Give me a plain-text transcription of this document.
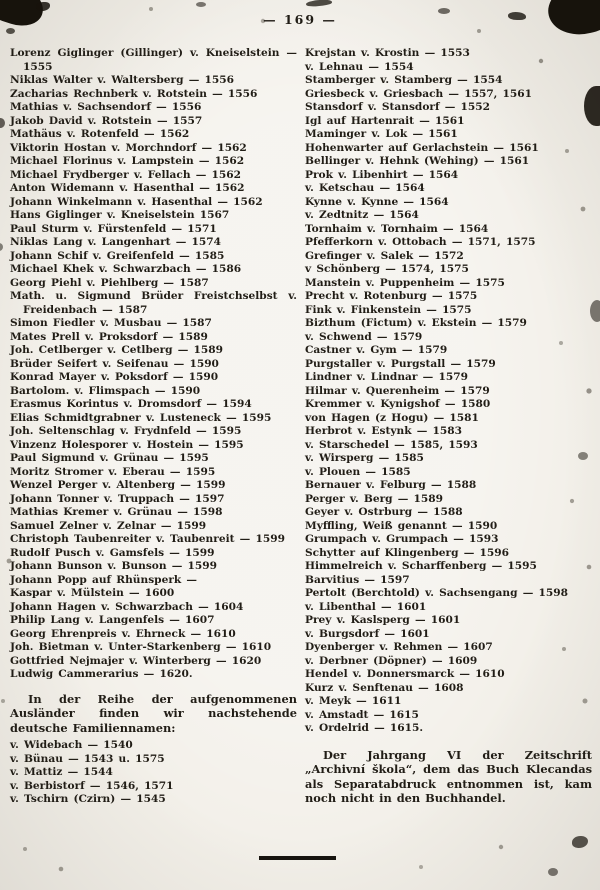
— 169 —
Lorenz Giglinger (Gillinger) v. Kneiselstein — 1555
Niklas Walter v. Waltersberg — 1556
Zacharias Rechnberk v. Rotstein — 1556
Mathias v. Sachsendorf — 1556
Jakob David v. Rotstein — 1557
Mathäus v. Rotenfeld — 1562
Viktorin Hostan v. Morchndorf — 1562
Michael Florinus v. Lampstein — 1562
Michael Frydberger v. Fellach — 1562
Anton Widemann v. Hasenthal — 1562
Johann Winkelmann v. Hasenthal — 1562
Hans Giglinger v. Kneiselstein 1567
Paul Sturm v. Fürstenfeld — 1571
Niklas Lang v. Langenhart — 1574
Johann Schif v. Greifenfeld — 1585
Michael Khek v. Schwarzbach — 1586
Georg Piehl v. Piehlberg — 1587
Math. u. Sigmund Brüder Freistchselbst v. Freidenbach — 1587
Simon Fiedler v. Musbau — 1587
Mates Prell v. Proksdorf — 1589
Joh. Cetlberger v. Cetlberg — 1589
Brüder Seifert v. Seifenau — 1590
Konrad Mayer v. Poksdorf — 1590
Bartolom. v. Flimspach — 1590
Erasmus Korintus v. Dromsdorf — 1594
Elias Schmidtgrabner v. Lusteneck — 1595
Joh. Seltenschlag v. Frydnfeld — 1595
Vinzenz Holesporer v. Hostein — 1595
Paul Sigmund v. Grünau — 1595
Moritz Stromer v. Eberau — 1595
Wenzel Perger v. Altenberg — 1599
Johann Tonner v. Truppach — 1597
Mathias Kremer v. Grünau — 1598
Samuel Zelner v. Zelnar — 1599
Christoph Taubenreiter v. Taubenreit — 1599
Rudolf Pusch v. Gamsfels — 1599
Johann Bunson v. Bunson — 1599
Johann Popp auf Rhünsperk —
Kaspar v. Mülstein — 1600
Johann Hagen v. Schwarzbach — 1604
Philip Lang v. Langenfels — 1607
Georg Ehrenpreis v. Ehrneck — 1610
Joh. Bietman v. Unter-Starkenberg — 1610
Gottfried Nejmajer v. Winterberg — 1620
Ludwig Cammerarius — 1620.

In der Reihe der aufgenommenen Ausländer finden wir nachstehende deutsche Familiennamen:

v. Widebach — 1540
v. Bünau — 1543 u. 1575
v. Mattiz — 1544
v. Berbistorf — 1546, 1571
v. Tschirn (Czirn) — 1545
Krejstan v. Krostin — 1553
v. Lehnau — 1554
Stamberger v. Stamberg — 1554
Griesbeck v. Griesbach — 1557, 1561
Stansdorf v. Stansdorf — 1552
Igl auf Hartenrait — 1561
Maminger v. Lok — 1561
Hohenwarter auf Gerlachstein — 1561
Bellinger v. Hehnk (Wehing) — 1561
Prok v. Libenhirt — 1564
v. Ketschau — 1564
Kynne v. Kynne — 1564
v. Zedtnitz — 1564
Tornhaim v. Tornhaim — 1564
Pfefferkorn v. Ottobach — 1571, 1575
Grefinger v. Salek — 1572
v Schönberg — 1574, 1575
Manstein v. Puppenheim — 1575
Precht v. Rotenburg — 1575
Fink v. Finkenstein — 1575
Bizthum (Fictum) v. Ekstein — 1579
v. Schwend — 1579
Castner v. Gym — 1579
Purgstaller v. Purgstall — 1579
Lindner v. Lindnar — 1579
Hilmar v. Querenheim — 1579
Kremmer v. Kynigshof — 1580
von Hagen (z Hogu) — 1581
Herbrot v. Estynk — 1583
v. Starschedel — 1585, 1593
v. Wirsperg — 1585
v. Plouen — 1585
Bernauer v. Felburg — 1588
Perger v. Berg — 1589
Geyer v. Ostrburg — 1588
Myffling, Weiß genannt — 1590
Grumpach v. Grumpach — 1593
Schytter auf Klingenberg — 1596
Himmelreich v. Scharffenberg — 1595
Barvitius — 1597
Pertolt (Berchtold) v. Sachsengang — 1598
v. Libenthal — 1601
Prey v. Kaslsperg — 1601
v. Burgsdorf — 1601
Dyenberger v. Rehmen — 1607
v. Derbner (Döpner) — 1609
Hendel v. Donnersmarck — 1610
Kurz v. Senftenau — 1608
v. Meyk — 1611
v. Amstadt — 1615
v. Ordelrid — 1615.

Der Jahrgang VI der Zeitschrift „Archivní škola“, dem das Buch Klecandas als Separatabdruck entnommen ist, kam noch nicht in den Buchhandel.
